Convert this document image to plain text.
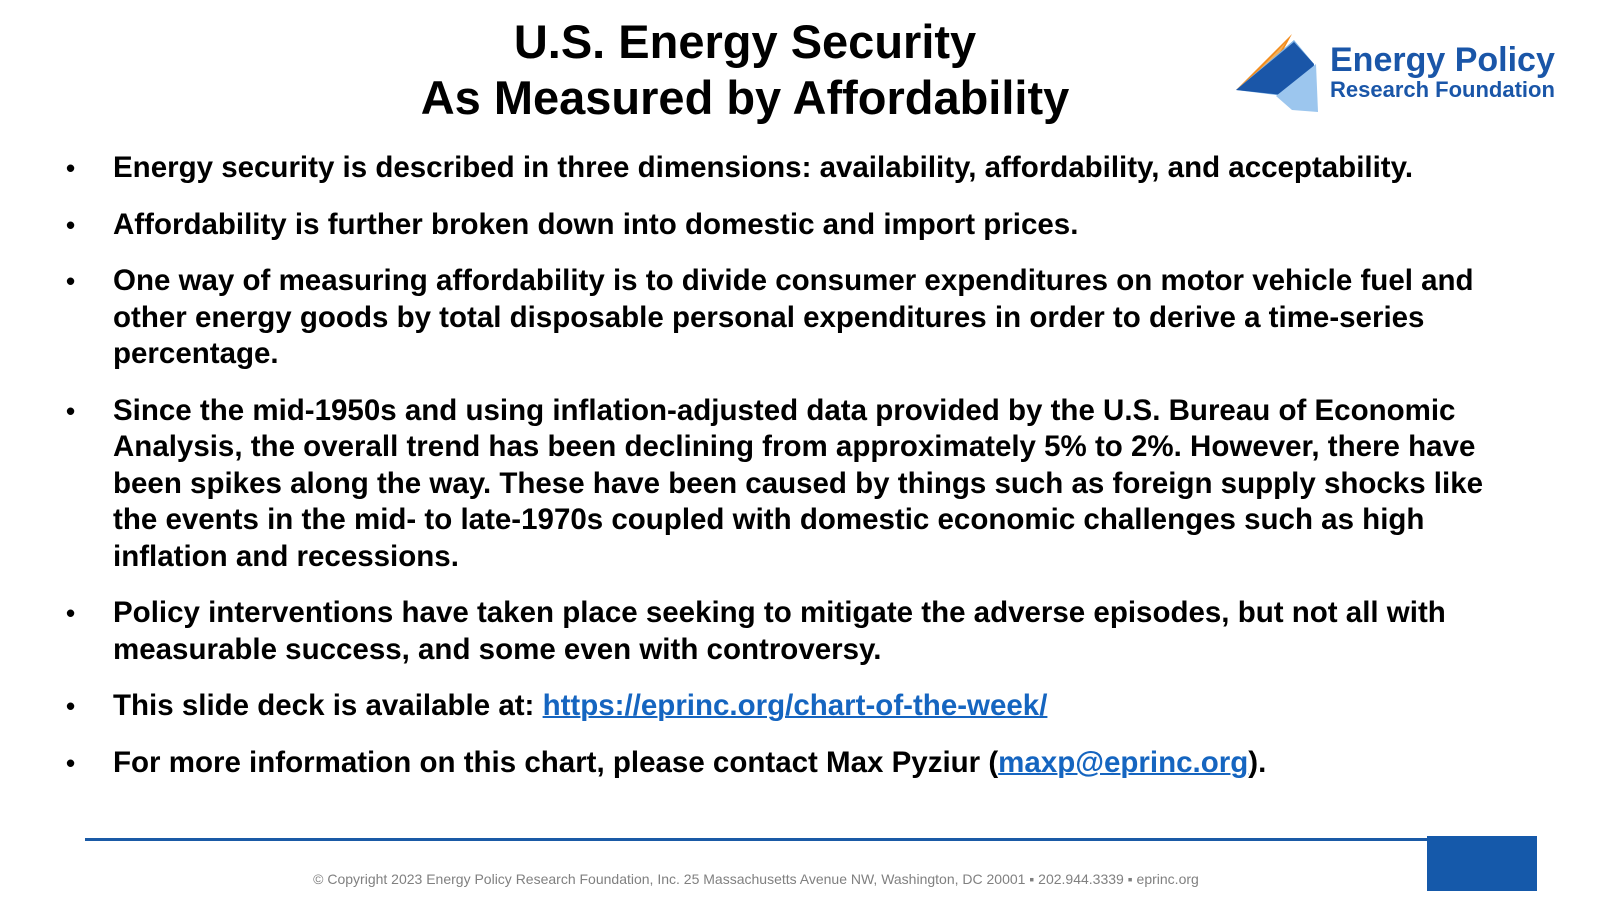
U.S. Energy Security
As Measured by Affordability
Energy Policy
Research Foundation
• Energy security is described in three dimensions: availability, affordability, and acceptability.
• Affordability is further broken down into domestic and import prices.
• One way of measuring affordability is to divide consumer expenditures on motor vehicle fuel and other energy goods by total disposable personal expenditures in order to derive a time-series percentage.
• Since the mid-1950s and using inflation-adjusted data provided by the U.S. Bureau of Economic Analysis, the overall trend has been declining from approximately 5% to 2%. However, there have been spikes along the way. These have been caused by things such as foreign supply shocks like the events in the mid- to late-1970s coupled with domestic economic challenges such as high inflation and recessions.
• Policy interventions have taken place seeking to mitigate the adverse episodes, but not all with measurable success, and some even with controversy.
• This slide deck is available at: https://eprinc.org/chart-of-the-week/
• For more information on this chart, please contact Max Pyziur (maxp@eprinc.org).
© Copyright 2023 Energy Policy Research Foundation, Inc. 25 Massachusetts Avenue NW, Washington, DC 20001 ▪ 202.944.3339 ▪ eprinc.org
